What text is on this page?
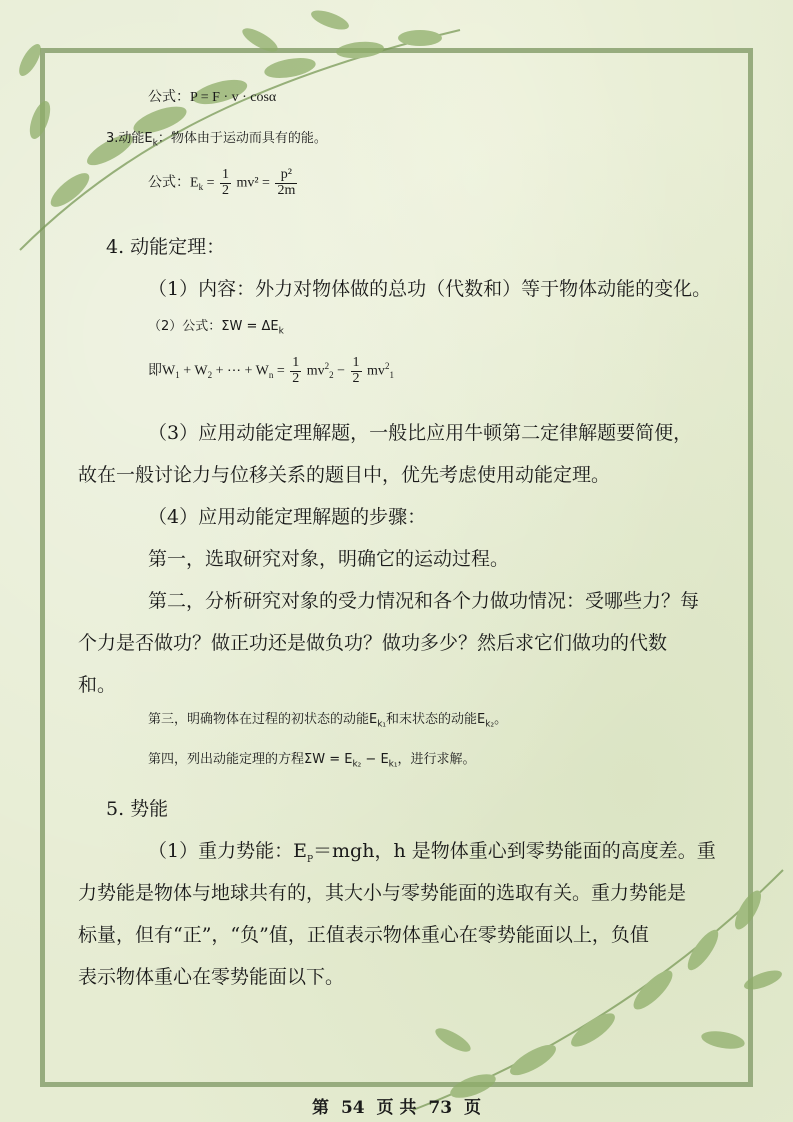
公式：P = F · v · cosα
3.动能$E_k$：物体由于运动而具有的能。
公式：$E_k = \frac{1}{2} mv^2 = \frac{\text{p²}}{2m}$
4. 动能定理：
（1）内容：外力对物体做的总功（代数和）等于物体动能的变化。
（2）公式：$\Sigma W = \Delta E_k$
即$W_1 + W_2$ + ⋯ + $W_n = \frac{1}{2} mv^2_2 - \frac{1}{2} mv^2_1$
（3）应用动能定理解题，一般比应用牛顿第二定律解题要简便，
故在一般讨论力与位移关系的题目中，优先考虑使用动能定理。
（4）应用动能定理解题的步骤：
第一，选取研究对象，明确它的运动过程。
第二，分析研究对象的受力情况和各个力做功情况：受哪些力？每
个力是否做功？做正功还是做负功？做功多少？然后求它们做功的代数
和。
第三，明确物体在过程的初状态的动能$E_{k_1}$和末状态的动能$E_{k_2}$。
第四，列出动能定理的方程$\Sigma W = E_{k_2} - E_{k_1}$，进行求解。
5. 势能
（1）重力势能：$E_P=mgh$，h 是物体重心到零势能面的高度差。重
力势能是物体与地球共有的，其大小与零势能面的选取有关。重力势能是
标量，但有“正”，“负”值，正值表示物体重心在零势能面以上，负值
表示物体重心在零势能面以下。
第 54 页 共 73 页
